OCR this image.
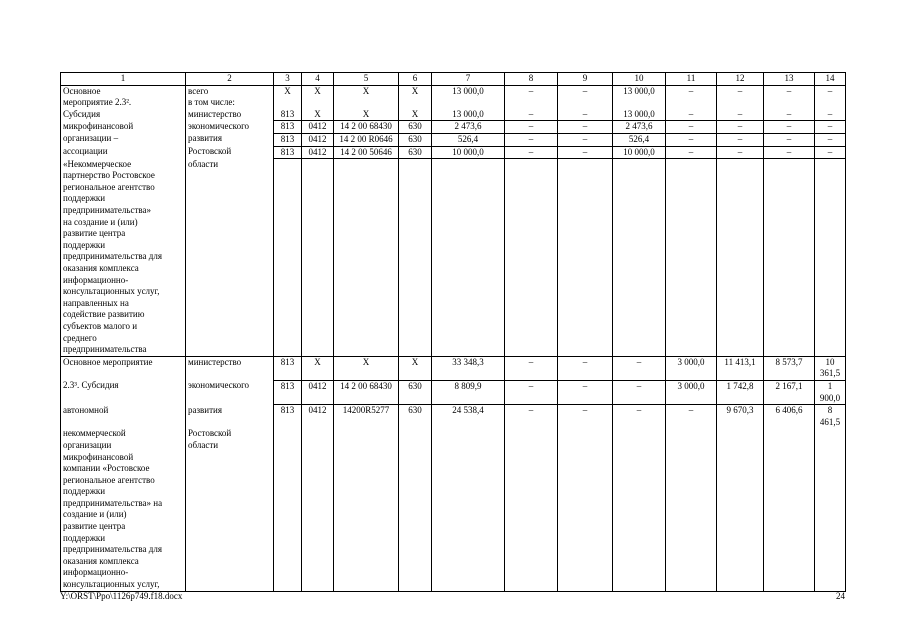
1	2	3	4	5	6	7	8	9	10	11	12	13	14
Основное	всего	Х	Х	Х	Х	13 000,0	–	–	13 000,0	–	–	–	–
мероприятие 2.3².	в том числе:												
Субсидия	министерство	813	Х	Х	Х	13 000,0	–	–	13 000,0	–	–	–	–
микрофинансовой	экономического	813	0412	14 2 00 68430	630	2 473,6	–	–	2 473,6	–	–	–	–
организации –	развития	813	0412	14 2 00 R0646	630	526,4	–	–	526,4	–	–	–	–
ассоциации	Ростовской	813	0412	14 2 00 50646	630	10 000,0	–	–	10 000,0	–	–	–	–
«Некоммерческое	области												
партнерство Ростовское													
региональное агентство													
поддержки													
предпринимательства»													
на создание и (или)													
развитие центра													
поддержки													
предпринимательства для													
оказания комплекса													
информационно-													
консультационных услуг,													
направленных на													
содействие развитию													
субъектов малого и													
среднего													
предпринимательства													
Основное мероприятие	министерство	813	Х	Х	Х	33 348,3	–	–	–	3 000,0	11 413,1	8 573,7	10 361,5
2.3³. Субсидия	экономического	813	0412	14 2 00 68430	630	8 809,9	–	–	–	3 000,0	1 742,8	2 167,1	1 900,0
автономной	развития	813	0412	14200R5277	630	24 538,4	–	–	–	–	9 670,3	6 406,6	8 461,5
некоммерческой	Ростовской												
организации	области												
микрофинансовой													
компании «Ростовское													
региональное агентство													
поддержки													
предпринимательства» на													
создание и (или)													
развитие центра													
поддержки													
предпринимательства для													
оказания комплекса													
информационно-													
консультационных услуг,													
Y:\ORST\Ppo\1126p749.f18.docx	24
